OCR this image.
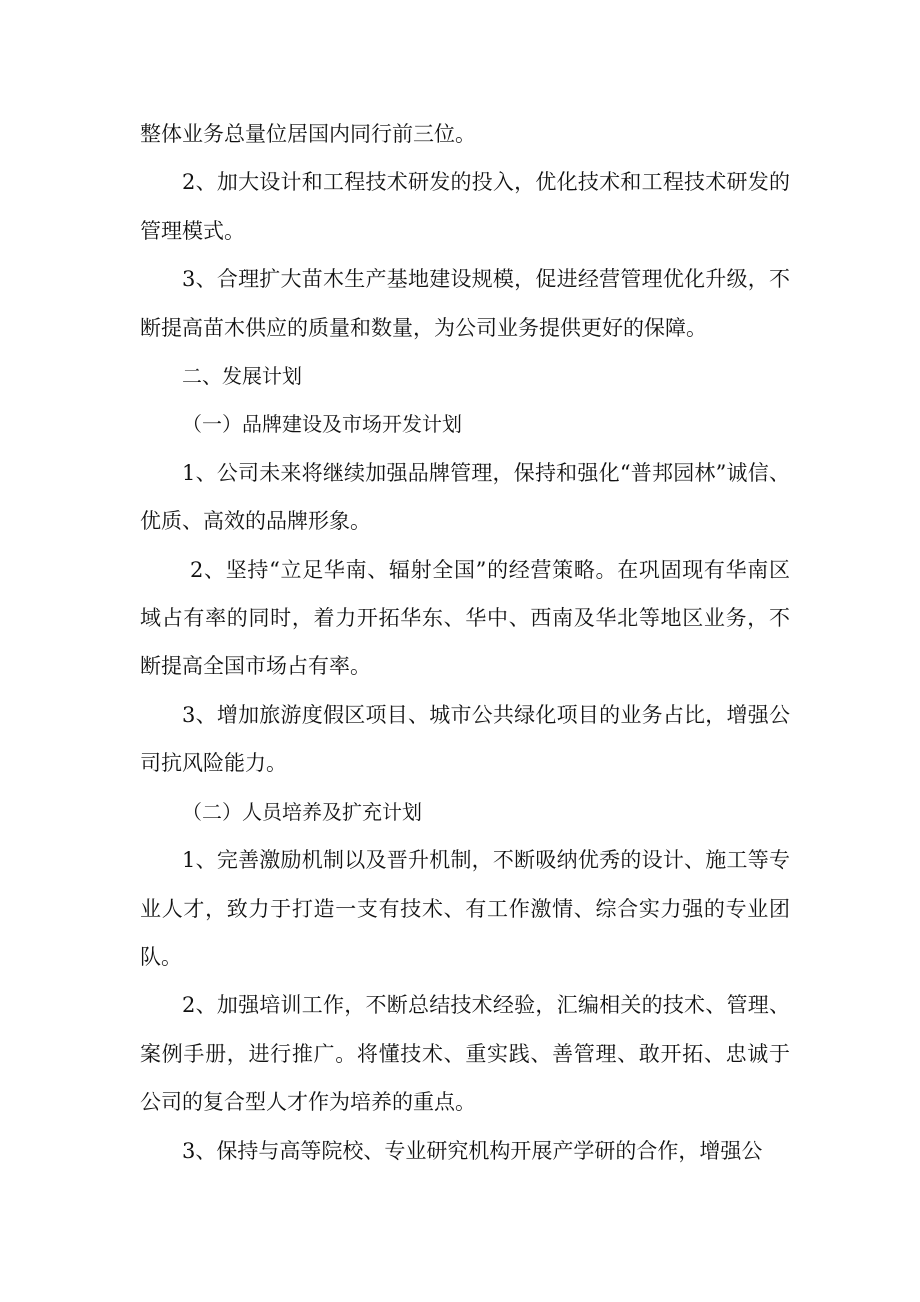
整体业务总量位居国内同行前三位。

2、加大设计和工程技术研发的投入，优化技术和工程技术研发的管理模式。

3、合理扩大苗木生产基地建设规模，促进经营管理优化升级，不断提高苗木供应的质量和数量，为公司业务提供更好的保障。

二、发展计划

（一）品牌建设及市场开发计划

1、公司未来将继续加强品牌管理，保持和强化“普邦园林”诚信、优质、高效的品牌形象。

2、坚持“立足华南、辐射全国”的经营策略。在巩固现有华南区域占有率的同时，着力开拓华东、华中、西南及华北等地区业务，不断提高全国市场占有率。

3、增加旅游度假区项目、城市公共绿化项目的业务占比，增强公司抗风险能力。

（二）人员培养及扩充计划

1、完善激励机制以及晋升机制，不断吸纳优秀的设计、施工等专业人才，致力于打造一支有技术、有工作激情、综合实力强的专业团队。

2、加强培训工作，不断总结技术经验，汇编相关的技术、管理、案例手册，进行推广。将懂技术、重实践、善管理、敢开拓、忠诚于公司的复合型人才作为培养的重点。

3、保持与高等院校、专业研究机构开展产学研的合作，增强公
